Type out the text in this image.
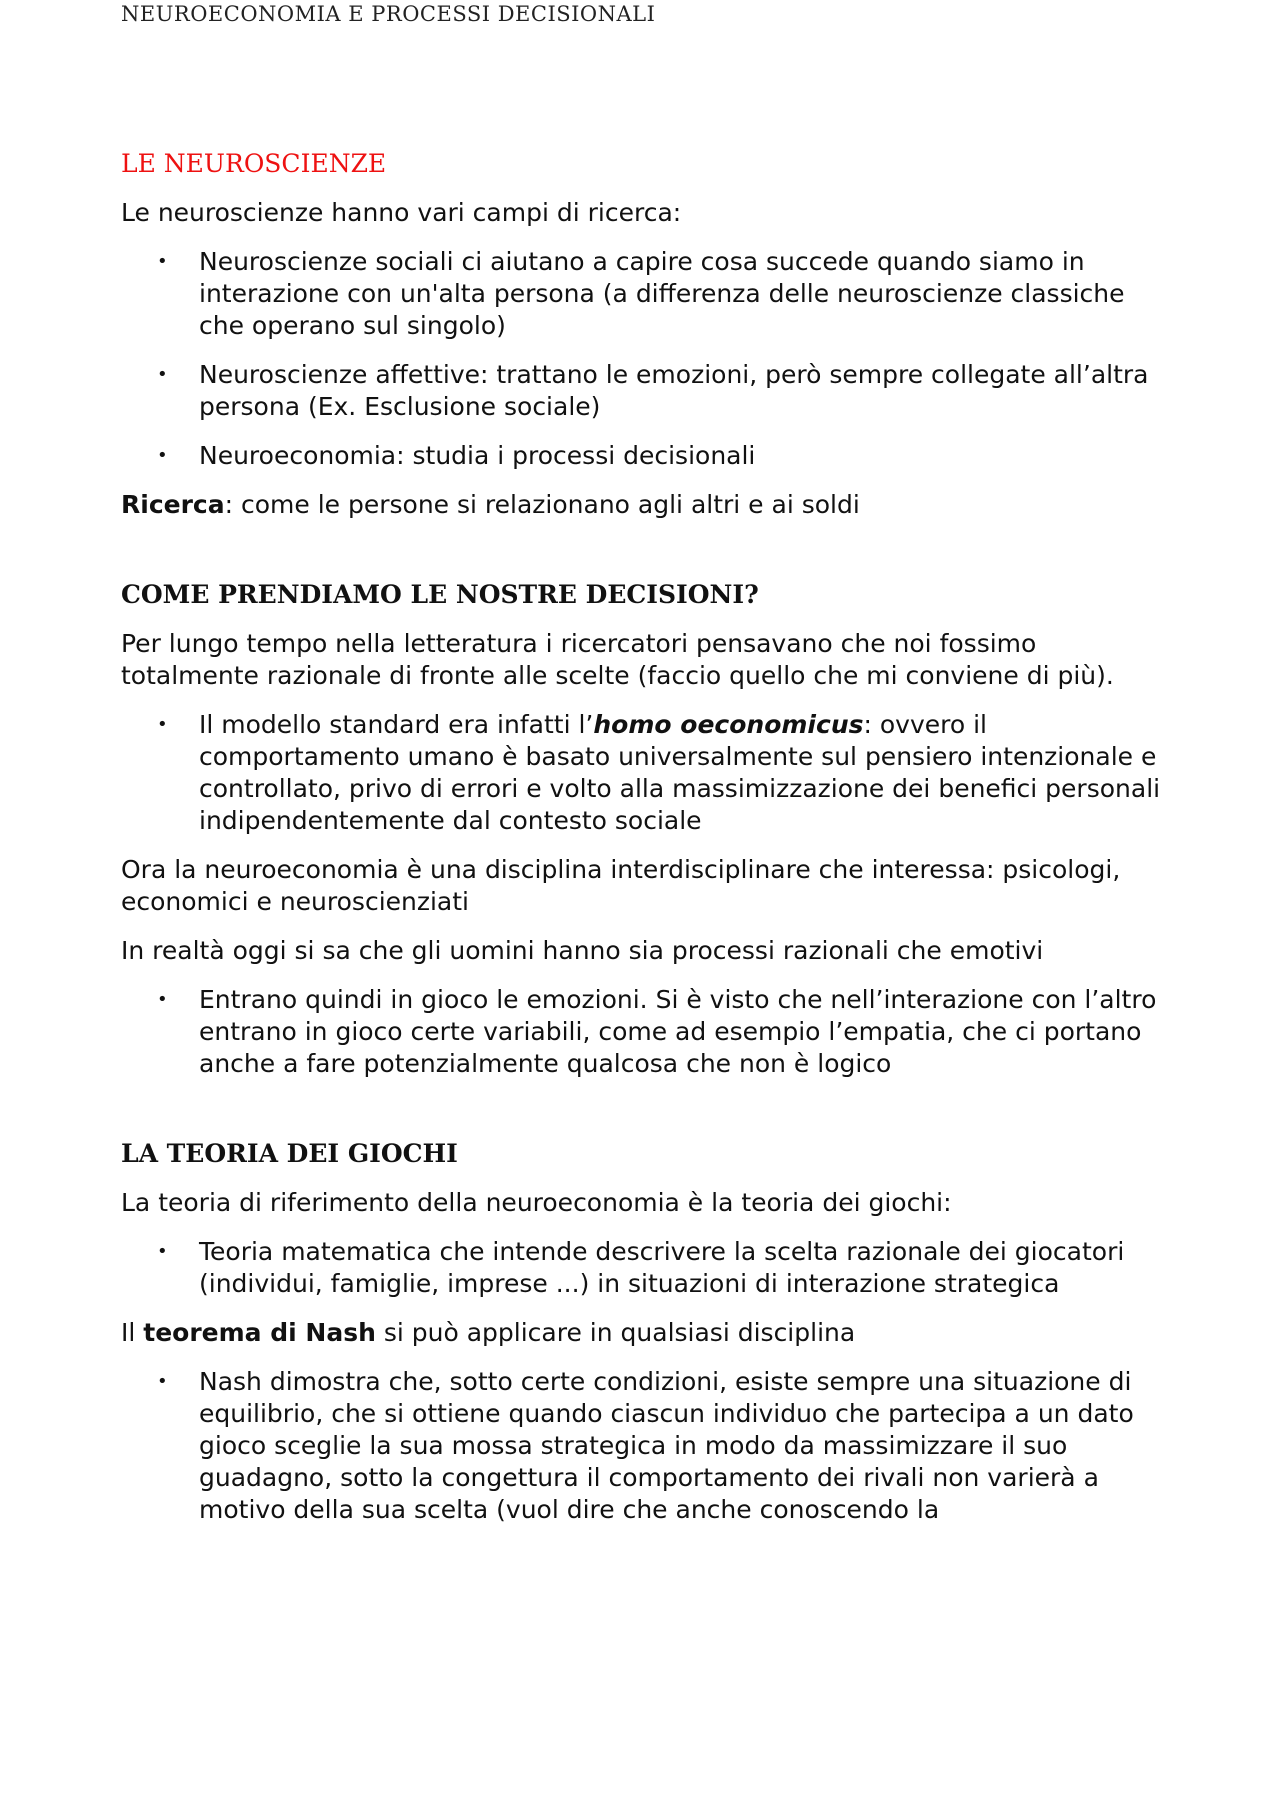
NEUROECONOMIA E PROCESSI DECISIONALI
LE NEUROSCIENZE

Le neuroscienze hanno vari campi di ricerca:

• Neuroscienze sociali ci aiutano a capire cosa succede quando siamo in interazione con un'alta persona (a differenza delle neuroscienze classiche che operano sul singolo)
• Neuroscienze affettive: trattano le emozioni, però sempre collegate all’altra persona (Ex. Esclusione sociale)
• Neuroeconomia: studia i processi decisionali

Ricerca: come le persone si relazionano agli altri e ai soldi

COME PRENDIAMO LE NOSTRE DECISIONI?

Per lungo tempo nella letteratura i ricercatori pensavano che noi fossimo totalmente razionale di fronte alle scelte (faccio quello che mi conviene di più).

• Il modello standard era infatti l’homo oeconomicus: ovvero il comportamento umano è basato universalmente sul pensiero intenzionale e controllato, privo di errori e volto alla massimizzazione dei benefici personali indipendentemente dal contesto sociale

Ora la neuroeconomia è una disciplina interdisciplinare che interessa: psicologi, economici e neuroscienziati

In realtà oggi si sa che gli uomini hanno sia processi razionali che emotivi

• Entrano quindi in gioco le emozioni. Si è visto che nell’interazione con l’altro entrano in gioco certe variabili, come ad esempio l’empatia, che ci portano anche a fare potenzialmente qualcosa che non è logico
LA TEORIA DEI GIOCHI

La teoria di riferimento della neuroeconomia è la teoria dei giochi:

• Teoria matematica che intende descrivere la scelta razionale dei giocatori (individui, famiglie, imprese ...) in situazioni di interazione strategica

Il teorema di Nash si può applicare in qualsiasi disciplina

• Nash dimostra che, sotto certe condizioni, esiste sempre una situazione di equilibrio, che si ottiene quando ciascun individuo che partecipa a un dato gioco sceglie la sua mossa strategica in modo da massimizzare il suo guadagno, sotto la congettura il comportamento dei rivali non varierà a motivo della sua scelta (vuol dire che anche conoscendo la
